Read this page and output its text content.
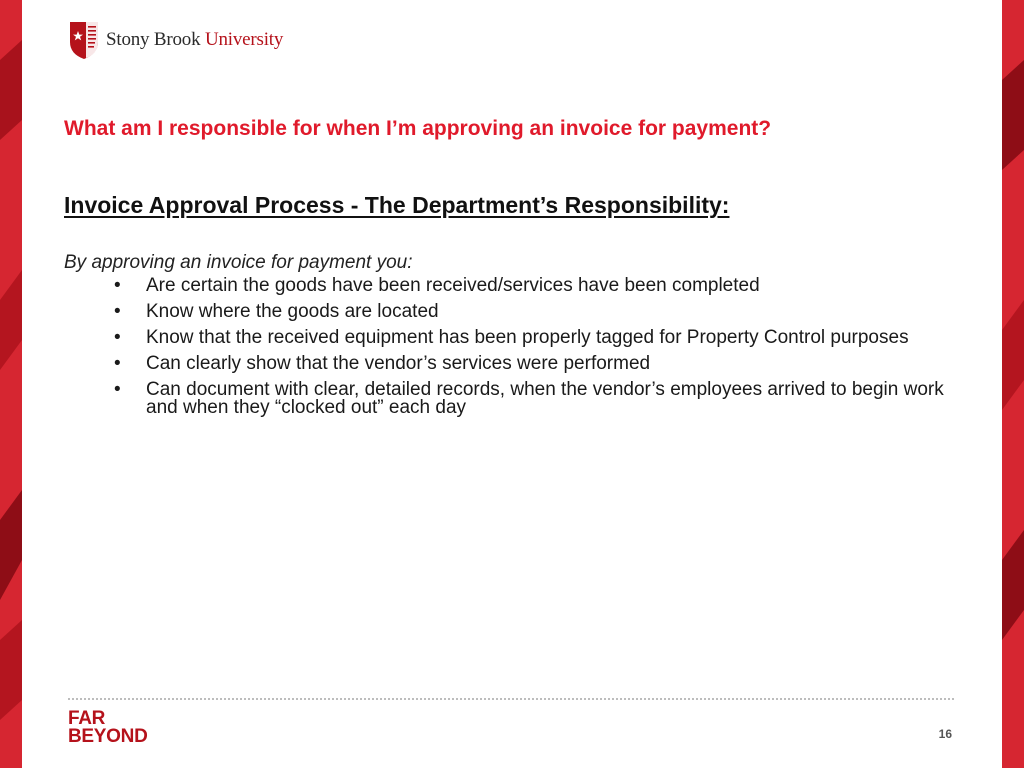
Stony Brook University
What am I responsible for when I’m approving an invoice for payment?
Invoice Approval Process - The Department’s Responsibility:
By approving an invoice for payment you:
• Are certain the goods have been received/services have been completed
• Know where the goods are located
• Know that the received equipment has been properly tagged for Property Control purposes
• Can clearly show that the vendor’s services were performed
• Can document with clear, detailed records, when the vendor’s employees arrived to begin work and when they “clocked out” each day
FAR
BEYOND	16
